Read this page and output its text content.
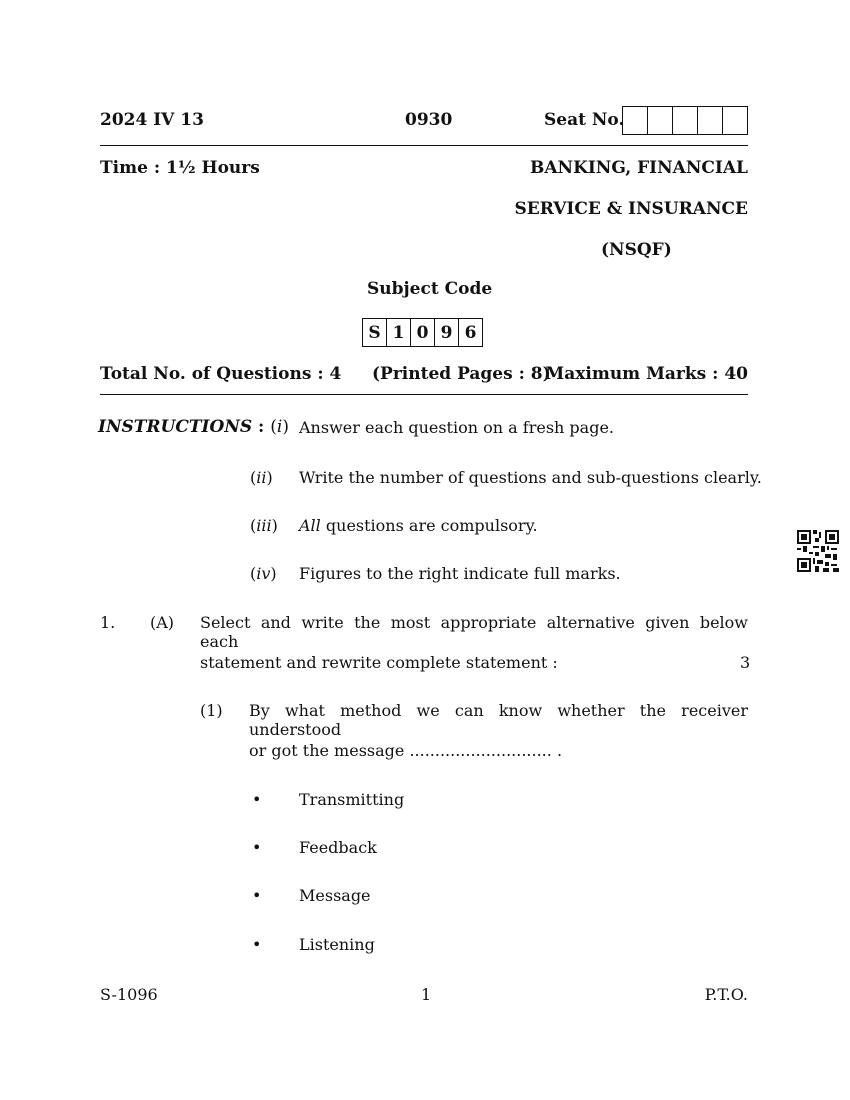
2024 IV 13	0930	Seat No.
Time : 1½ Hours	BANKING, FINANCIAL
SERVICE & INSURANCE
(NSQF)
Subject Code
S 1 0 9 6
Total No. of Questions : 4 (Printed Pages : 8)
Maximum Marks : 40
INSTRUCTIONS : (i) Answer each question on a fresh page.
(ii) Write the number of questions and sub-questions clearly.
(iii) All questions are compulsory.
(iv) Figures to the right indicate full marks.
1. (A) Select and write the most appropriate alternative given below each
statement and rewrite complete statement :	3
(1) By what method we can know whether the receiver understood
or got the message ............................ .
• Transmitting
• Feedback
• Message
• Listening
S-1096	1	P.T.O.
